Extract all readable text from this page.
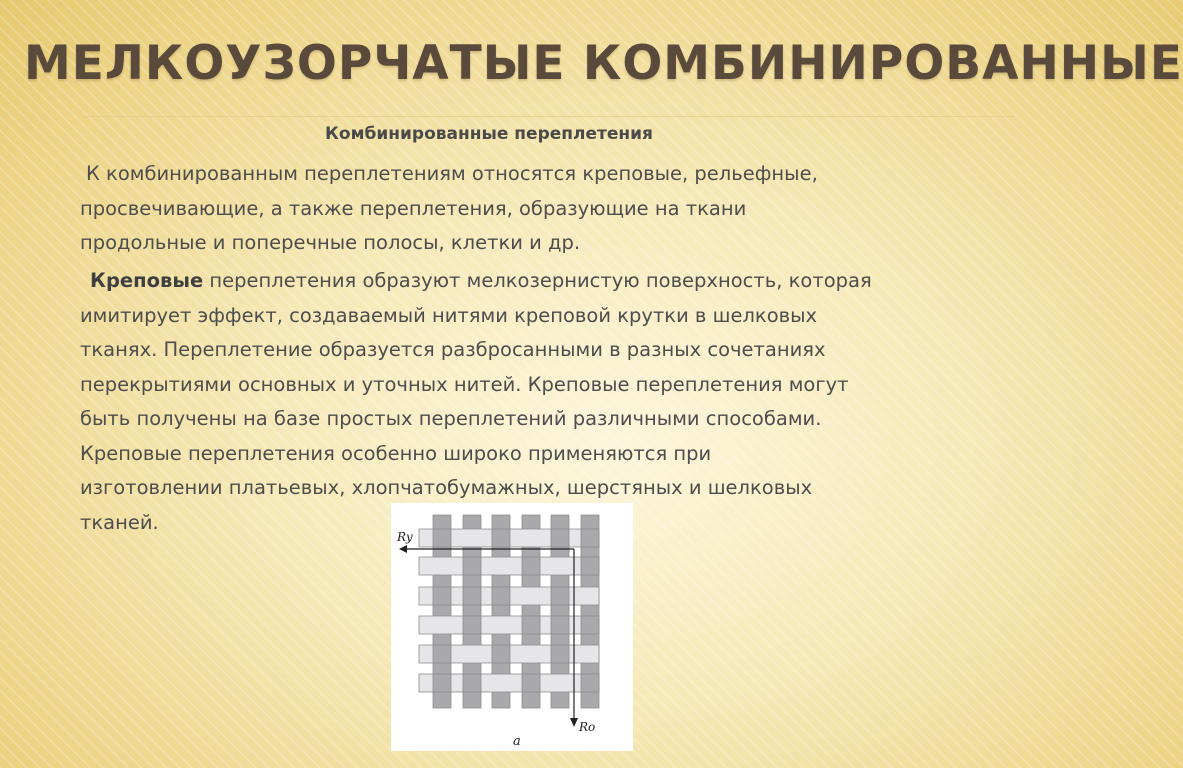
МЕЛКОУЗОРЧАТЫЕ КОМБИНИРОВАННЫЕ
Комбинированные переплетения
К комбинированным переплетениям относятся креповые, рельефные,
просвечивающие, а также переплетения, образующие на ткани
продольные и поперечные полосы, клетки и др.
Креповые переплетения образуют мелкозернистую поверхность, которая
имитирует эффект, создаваемый нитями креповой крутки в шелковых
тканях. Переплетение образуется разбросанными в разных сочетаниях
перекрытиями основных и уточных нитей. Креповые переплетения могут
быть получены на базе простых переплетений различными способами.
Креповые переплетения особенно широко применяются при
изготовлении платьевых, хлопчатобумажных, шерстяных и шелковых
тканей.
Ry
Ro
a
